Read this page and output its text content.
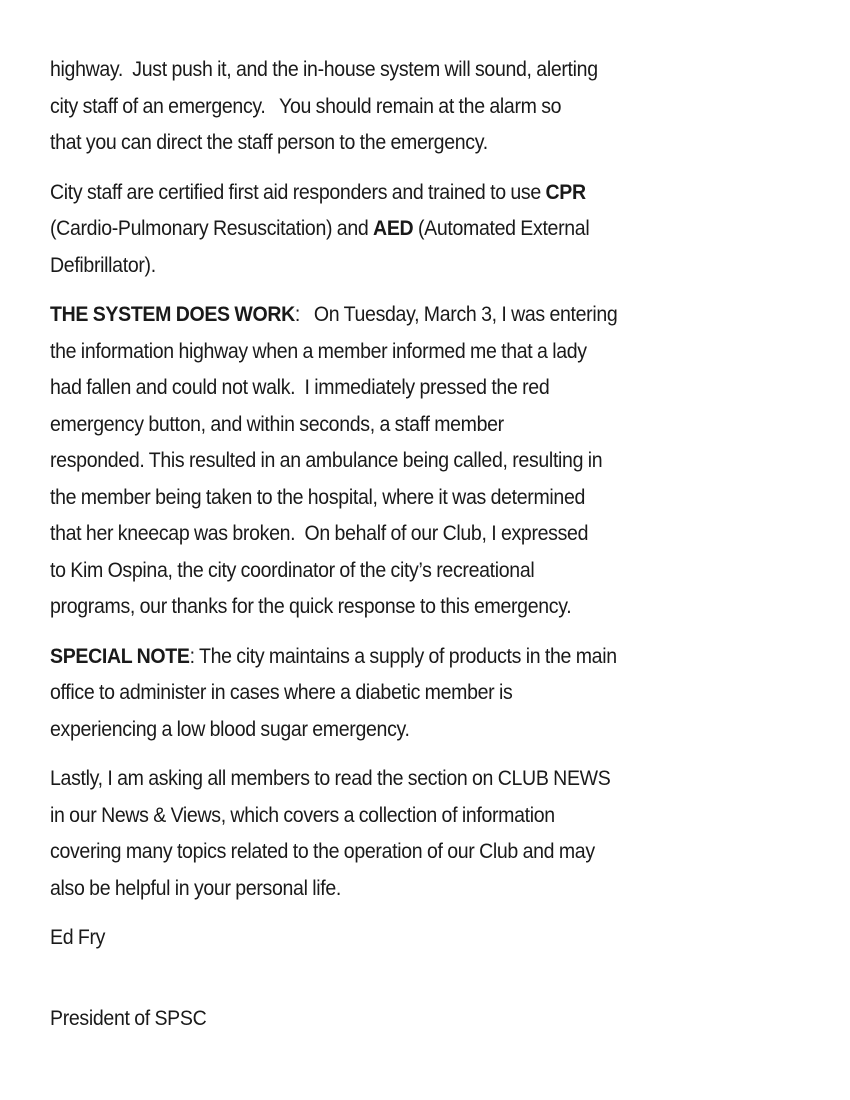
highway.  Just push it, and the in-house system will sound, alerting
city staff of an emergency.   You should remain at the alarm so
that you can direct the staff person to the emergency.
City staff are certified first aid responders and trained to use CPR
(Cardio-Pulmonary Resuscitation) and AED (Automated External
Defibrillator).
THE SYSTEM DOES WORK:   On Tuesday, March 3, I was entering
the information highway when a member informed me that a lady
had fallen and could not walk.  I immediately pressed the red
emergency button, and within seconds, a staff member
responded. This resulted in an ambulance being called, resulting in
the member being taken to the hospital, where it was determined
that her kneecap was broken.  On behalf of our Club, I expressed
to Kim Ospina, the city coordinator of the city’s recreational
programs, our thanks for the quick response to this emergency.
SPECIAL NOTE: The city maintains a supply of products in the main
office to administer in cases where a diabetic member is
experiencing a low blood sugar emergency.
Lastly, I am asking all members to read the section on CLUB NEWS
in our News & Views, which covers a collection of information
covering many topics related to the operation of our Club and may
also be helpful in your personal life.
Ed Fry
President of SPSC
